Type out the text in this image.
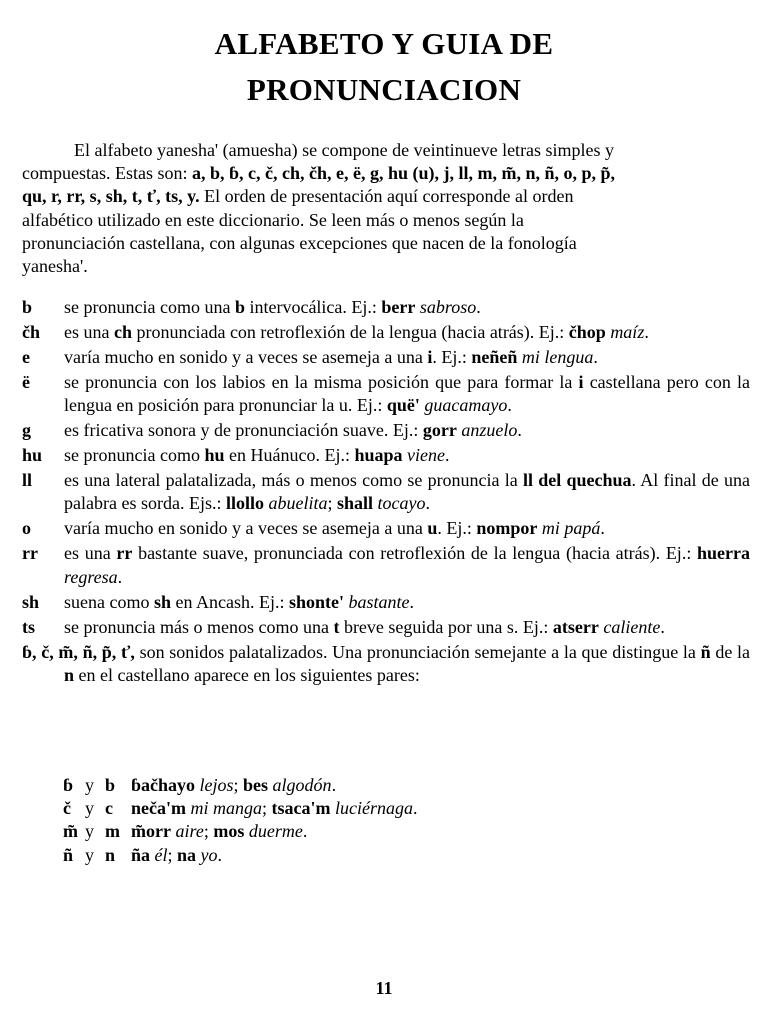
ALFABETO Y GUIA DE
PRONUNCIACION
El alfabeto yanesha' (amuesha) se compone de veintinueve letras simples y
compuestas. Estas son: a, b, ɓ, c, č, ch, čh, e, ë, g, hu (u), j, ll, m, m̃, n, ñ, o, p, p̃,
qu, r, rr, s, sh, t, ť, ts, y. El orden de presentación aquí corresponde al orden
alfabético utilizado en este diccionario. Se leen más o menos según la
pronunciación castellana, con algunas excepciones que nacen de la fonología
yanesha'.
b se pronuncia como una b intervocálica. Ej.: berr sabroso.
čh es una ch pronunciada con retroflexión de la lengua (hacia atrás). Ej.: čhop maíz.
e varía mucho en sonido y a veces se asemeja a una i. Ej.: neñeñ mi lengua.
ë se pronuncia con los labios en la misma posición que para formar la i castellana pero con la lengua en posición para pronunciar la u. Ej.: quë' guacamayo.
g es fricativa sonora y de pronunciación suave. Ej.: gorr anzuelo.
hu se pronuncia como hu en Huánuco. Ej.: huapa viene.
ll es una lateral palatalizada, más o menos como se pronuncia la ll del quechua. Al final de una palabra es sorda. Ejs.: llollo abuelita; shall tocayo.
o varía mucho en sonido y a veces se asemeja a una u. Ej.: nompor mi papá.
rr es una rr bastante suave, pronunciada con retroflexión de la lengua (hacia atrás). Ej.: huerra regresa.
sh suena como sh en Ancash. Ej.: shonte' bastante.
ts se pronuncia más o menos como una t breve seguida por una s. Ej.: atserr caliente.
ɓ, č, m̃, ñ, p̃, ť, son sonidos palatalizados. Una pronunciación semejante a la que distingue la ñ de la n en el castellano aparece en los siguientes pares:
ɓ y b ɓačhayo lejos; bes algodón.
č y c neča'm mi manga; tsaca'm luciérnaga.
m̃ y m m̃orr aire; mos duerme.
ñ y n ña él; na yo.
11
